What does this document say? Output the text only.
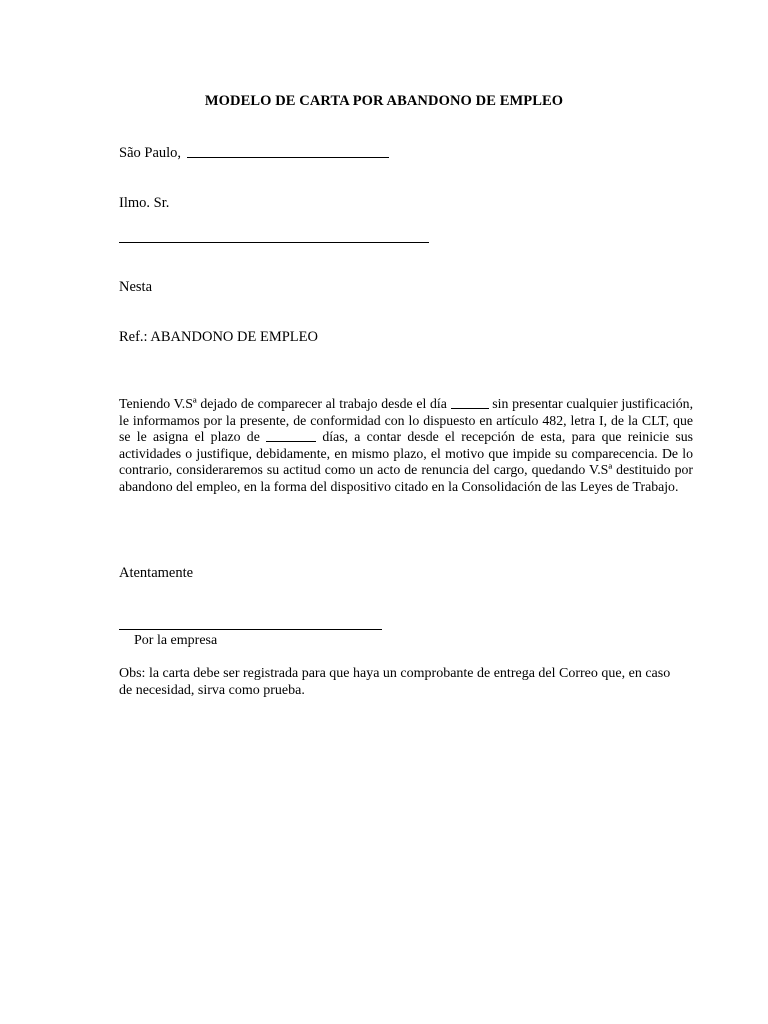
MODELO DE CARTA POR ABANDONO DE EMPLEO
São Paulo,
Ilmo. Sr.
Nesta
Ref.: ABANDONO DE EMPLEO
Teniendo V.Sª dejado de comparecer al trabajo desde el día	sin presentar cualquier justificación, le informamos por la presente, de conformidad con lo dispuesto en artículo 482, letra I, de la CLT, que se le asigna el plazo de	días, a contar desde el recepción de esta, para que reinicie sus actividades o justifique, debidamente, en mismo plazo, el motivo que impide su comparecencia. De lo contrario, consideraremos su actitud como un acto de renuncia del cargo, quedando V.Sª destituido por abandono del empleo, en la forma del dispositivo citado en la Consolidación de las Leyes de Trabajo.
Atentamente
Por la empresa
Obs: la carta debe ser registrada para que haya un comprobante de entrega del Correo que, en caso de necesidad, sirva como prueba.
